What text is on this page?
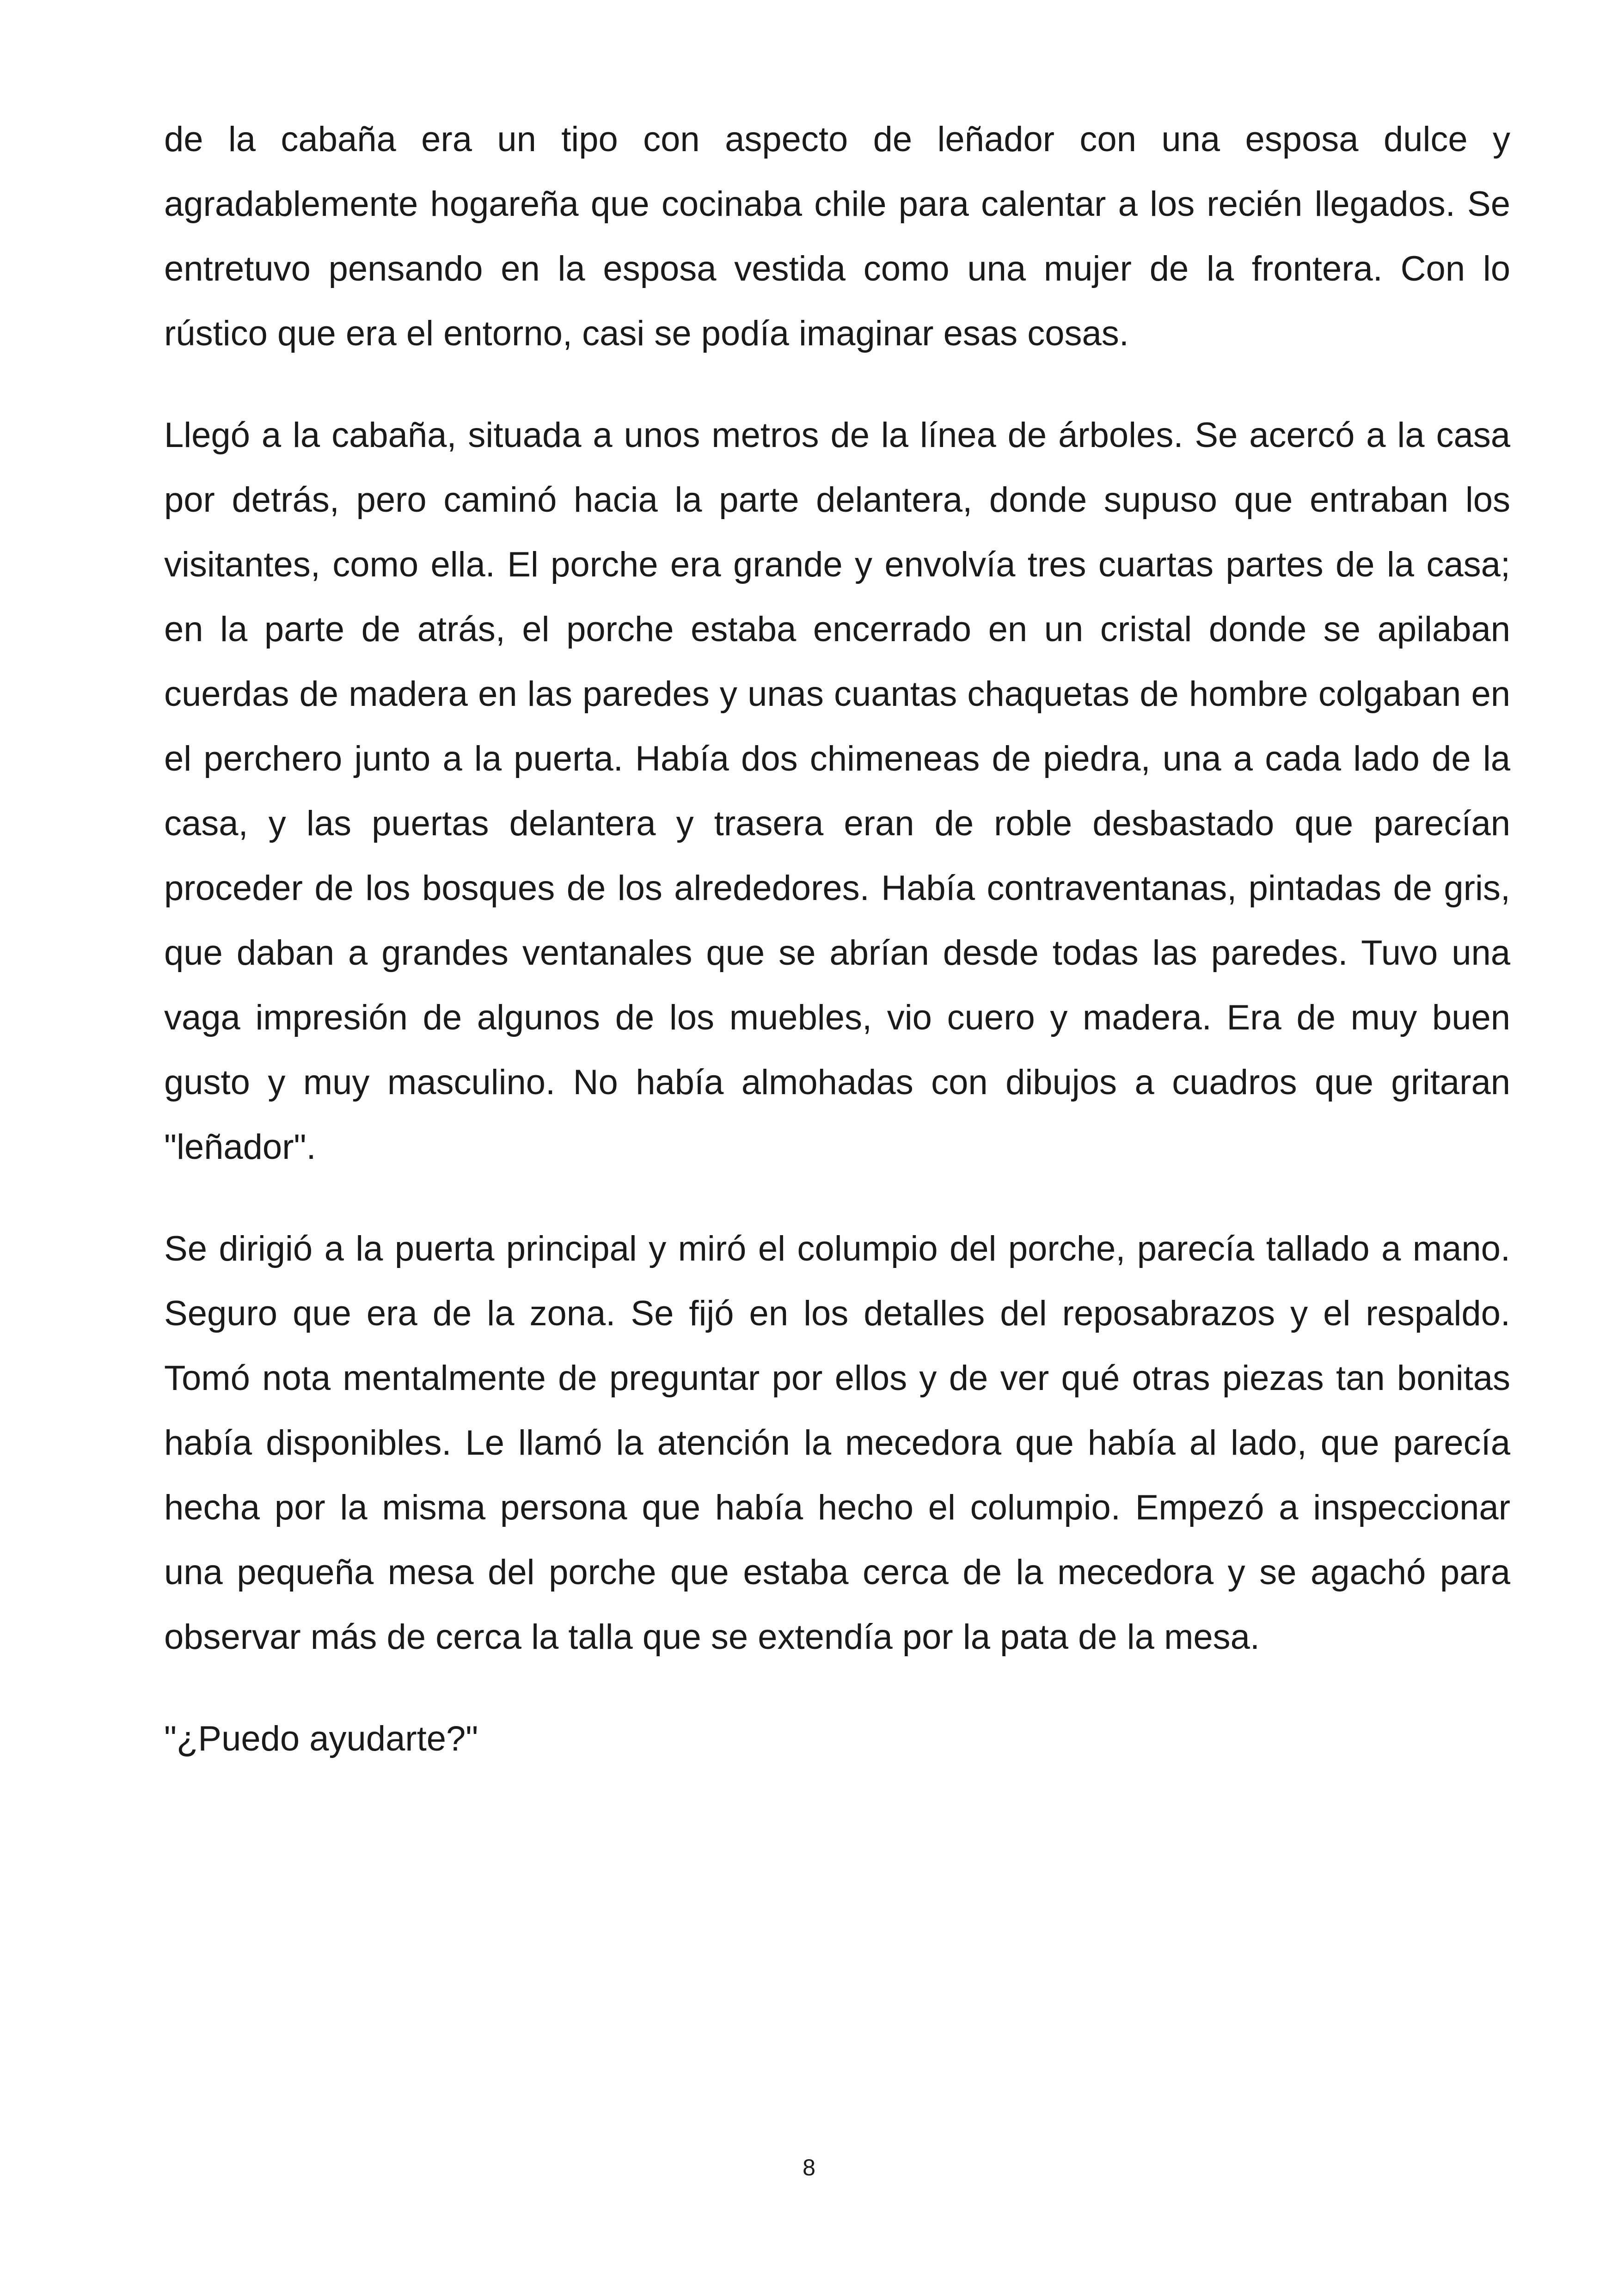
de la cabaña era un tipo con aspecto de leñador con una esposa dulce y agradablemente hogareña que cocinaba chile para calentar a los recién llegados. Se entretuvo pensando en la esposa vestida como una mujer de la frontera. Con lo rústico que era el entorno, casi se podía imaginar esas cosas.

Llegó a la cabaña, situada a unos metros de la línea de árboles. Se acercó a la casa por detrás, pero caminó hacia la parte delantera, donde supuso que entraban los visitantes, como ella. El porche era grande y envolvía tres cuartas partes de la casa; en la parte de atrás, el porche estaba encerrado en un cristal donde se apilaban cuerdas de madera en las paredes y unas cuantas chaquetas de hombre colgaban en el perchero junto a la puerta. Había dos chimeneas de piedra, una a cada lado de la casa, y las puertas delantera y trasera eran de roble desbastado que parecían proceder de los bosques de los alrededores. Había contraventanas, pintadas de gris, que daban a grandes ventanales que se abrían desde todas las paredes. Tuvo una vaga impresión de algunos de los muebles, vio cuero y madera. Era de muy buen gusto y muy masculino. No había almohadas con dibujos a cuadros que gritaran "leñador".

Se dirigió a la puerta principal y miró el columpio del porche, parecía tallado a mano. Seguro que era de la zona. Se fijó en los detalles del reposabrazos y el respaldo. Tomó nota mentalmente de preguntar por ellos y de ver qué otras piezas tan bonitas había disponibles. Le llamó la atención la mecedora que había al lado, que parecía hecha por la misma persona que había hecho el columpio. Empezó a inspeccionar una pequeña mesa del porche que estaba cerca de la mecedora y se agachó para observar más de cerca la talla que se extendía por la pata de la mesa.

"¿Puedo ayudarte?"

8
